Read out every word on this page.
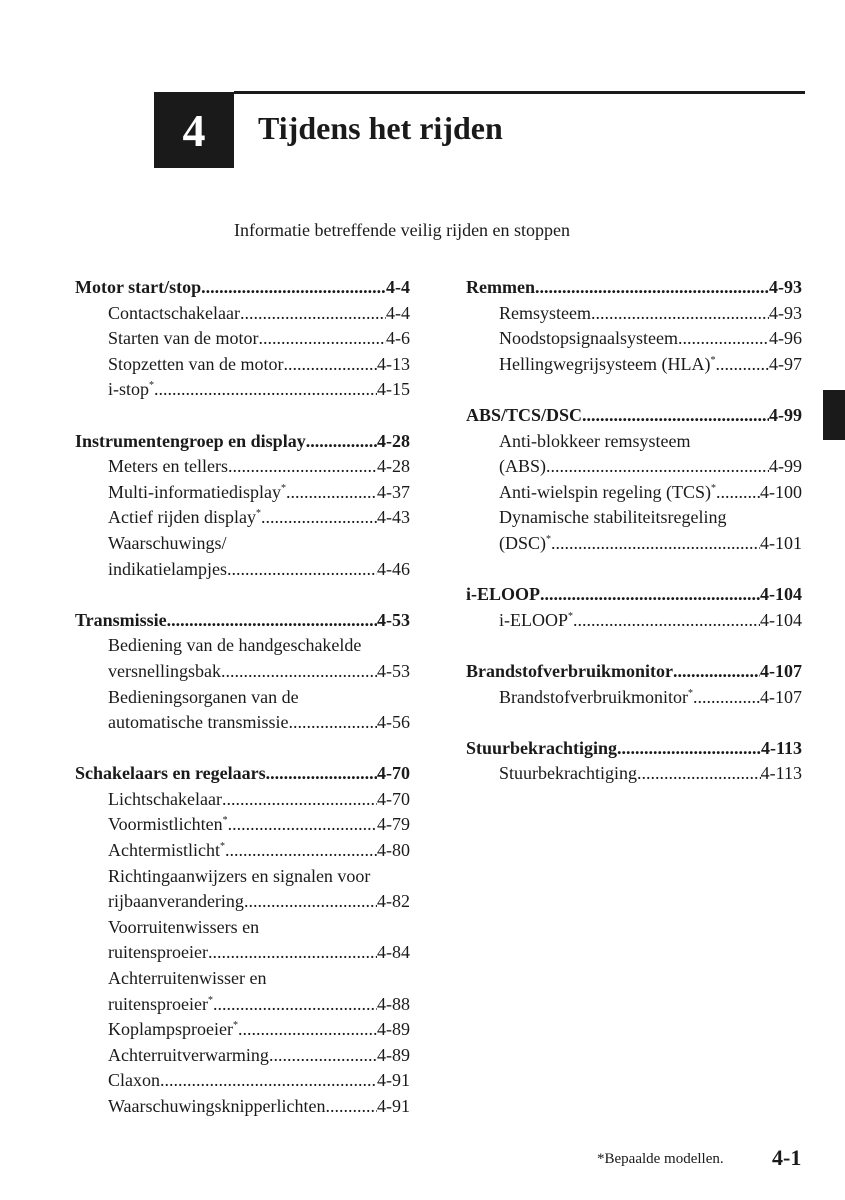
4 Tijdens het rijden
Informatie betreffende veilig rijden en stoppen
Motor start/stop .....	4-4
Contactschakelaar .....	4-4
Starten van de motor .....	4-6
Stopzetten van de motor .....	4-13
i-stop* .....	4-15
Instrumentengroep en display .....	4-28
Meters en tellers .....	4-28
Multi-informatiedisplay* .....	4-37
Actief rijden display* .....	4-43
Waarschuwings/
indikatielampjes .....	4-46
Transmissie .....	4-53
Bediening van de handgeschakelde
versnellingsbak .....	4-53
Bedieningsorganen van de
automatische transmissie .....	4-56
Schakelaars en regelaars .....	4-70
Lichtschakelaar .....	4-70
Voormistlichten* .....	4-79
Achtermistlicht* .....	4-80
Richtingaanwijzers en signalen voor
rijbaanverandering .....	4-82
Voorruitenwissers en
ruitensproeier .....	4-84
Achterruitenwisser en
ruitensproeier* .....	4-88
Koplampsproeier* .....	4-89
Achterruitverwarming .....	4-89
Claxon .....	4-91
Waarschuwingsknipperlichten .....	4-91
Remmen .....	4-93
Remsysteem .....	4-93
Noodstopsignaalsysteem .....	4-96
Hellingwegrijsysteem (HLA)* .....	4-97
ABS/TCS/DSC .....	4-99
Anti-blokkeer remsysteem
(ABS) .....	4-99
Anti-wielspin regeling (TCS)* ..... 4-100
Dynamische stabiliteitsregeling
(DSC)* .....	4-101
i-ELOOP .....	4-104
i-ELOOP* .....	4-104
Brandstofverbruikmonitor .....	4-107
Brandstofverbruikmonitor* .....	4-107
Stuurbekrachtiging .....	4-113
Stuurbekrachtiging .....	4-113
*Bepaalde modellen. 4-1
